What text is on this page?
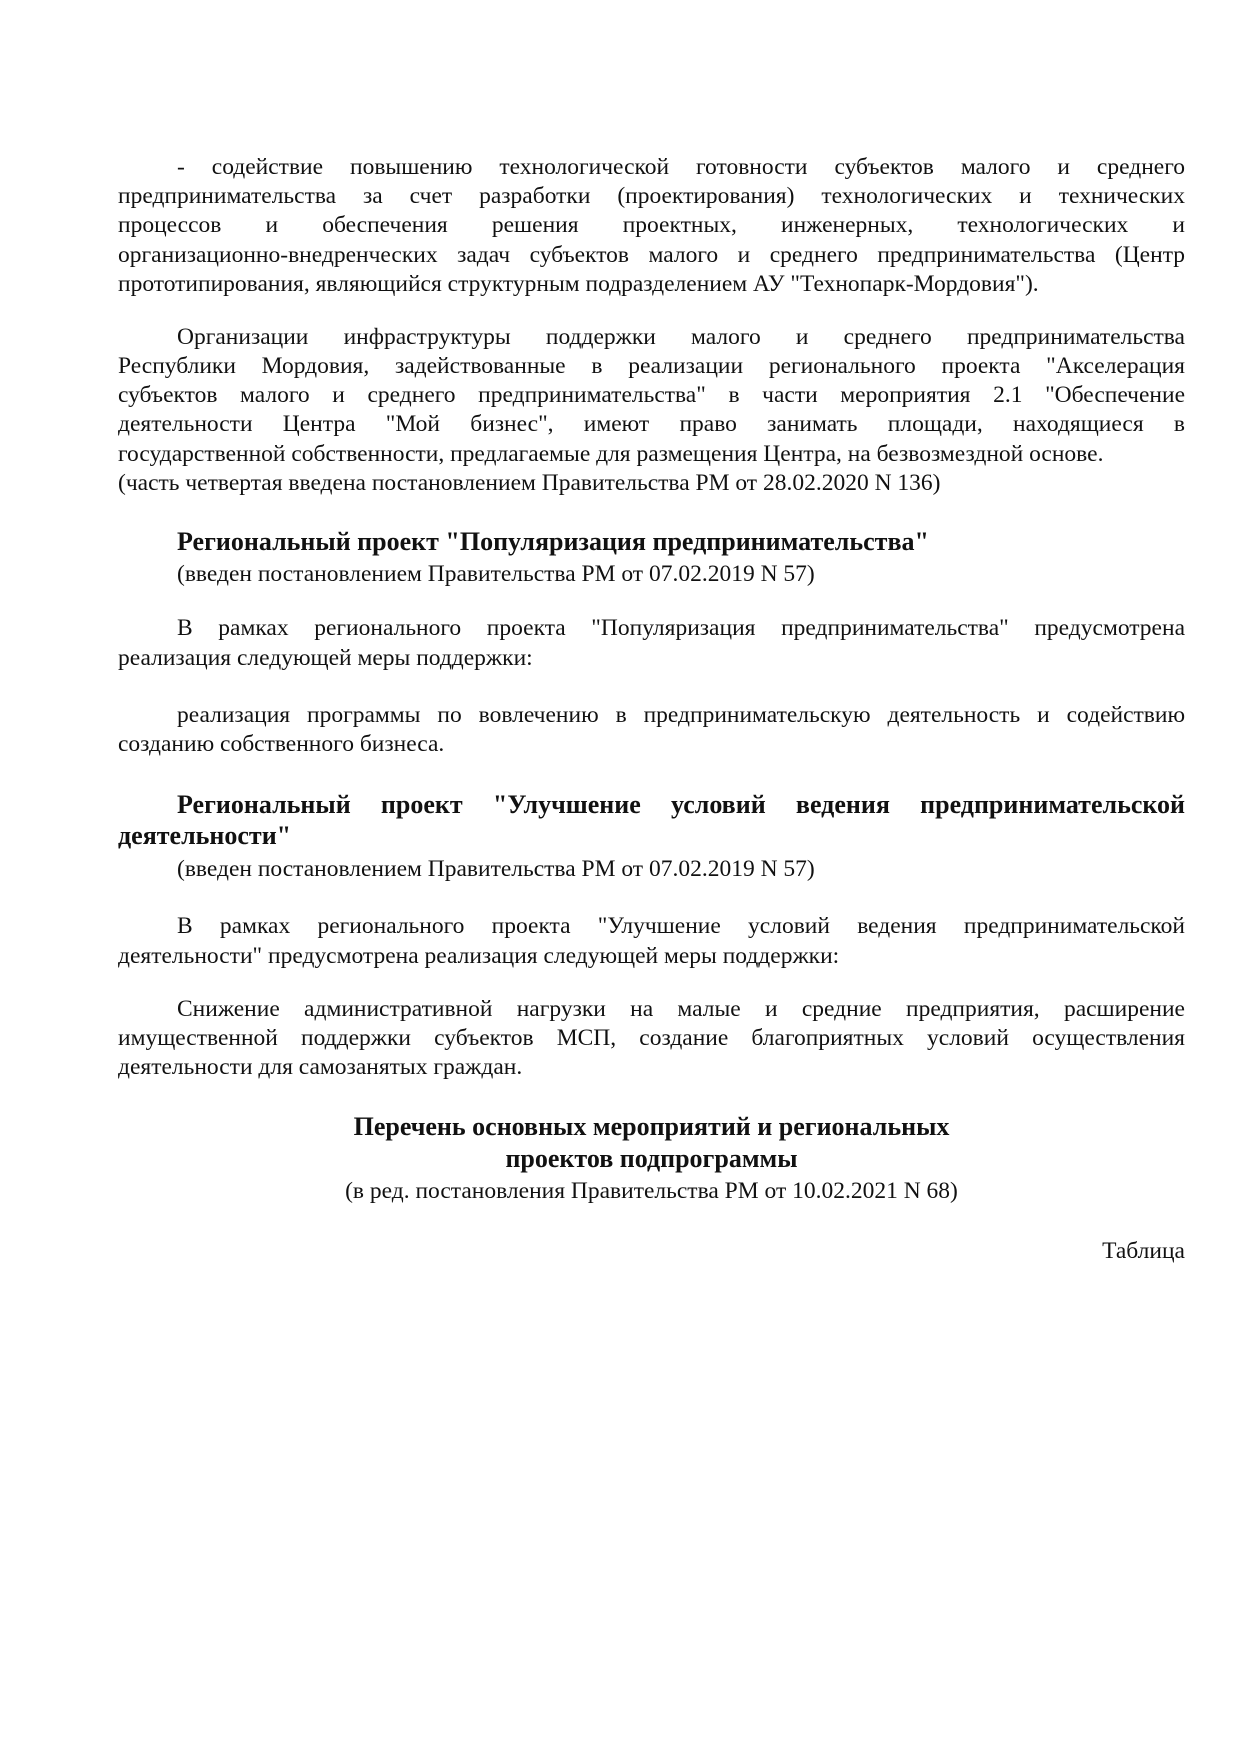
- содействие повышению технологической готовности субъектов малого и среднего
предпринимательства за счет разработки (проектирования) технологических и технических
процессов и обеспечения решения проектных, инженерных, технологических и
организационно-внедренческих задач субъектов малого и среднего предпринимательства (Центр
прототипирования, являющийся структурным подразделением АУ "Технопарк-Мордовия").
Организации инфраструктуры поддержки малого и среднего предпринимательства
Республики Мордовия, задействованные в реализации регионального проекта "Акселерация
субъектов малого и среднего предпринимательства" в части мероприятия 2.1 "Обеспечение
деятельности Центра "Мой бизнес", имеют право занимать площади, находящиеся в
государственной собственности, предлагаемые для размещения Центра, на безвозмездной основе.
(часть четвертая введена постановлением Правительства РМ от 28.02.2020 N 136)
Региональный проект "Популяризация предпринимательства"
(введен постановлением Правительства РМ от 07.02.2019 N 57)
В рамках регионального проекта "Популяризация предпринимательства" предусмотрена
реализация следующей меры поддержки:
реализация программы по вовлечению в предпринимательскую деятельность и содействию
созданию собственного бизнеса.
Региональный проект "Улучшение условий ведения предпринимательской
деятельности"
(введен постановлением Правительства РМ от 07.02.2019 N 57)
В рамках регионального проекта "Улучшение условий ведения предпринимательской
деятельности" предусмотрена реализация следующей меры поддержки:
Снижение административной нагрузки на малые и средние предприятия, расширение
имущественной поддержки субъектов МСП, создание благоприятных условий осуществления
деятельности для самозанятых граждан.
Перечень основных мероприятий и региональных
проектов подпрограммы
(в ред. постановления Правительства РМ от 10.02.2021 N 68)
Таблица
